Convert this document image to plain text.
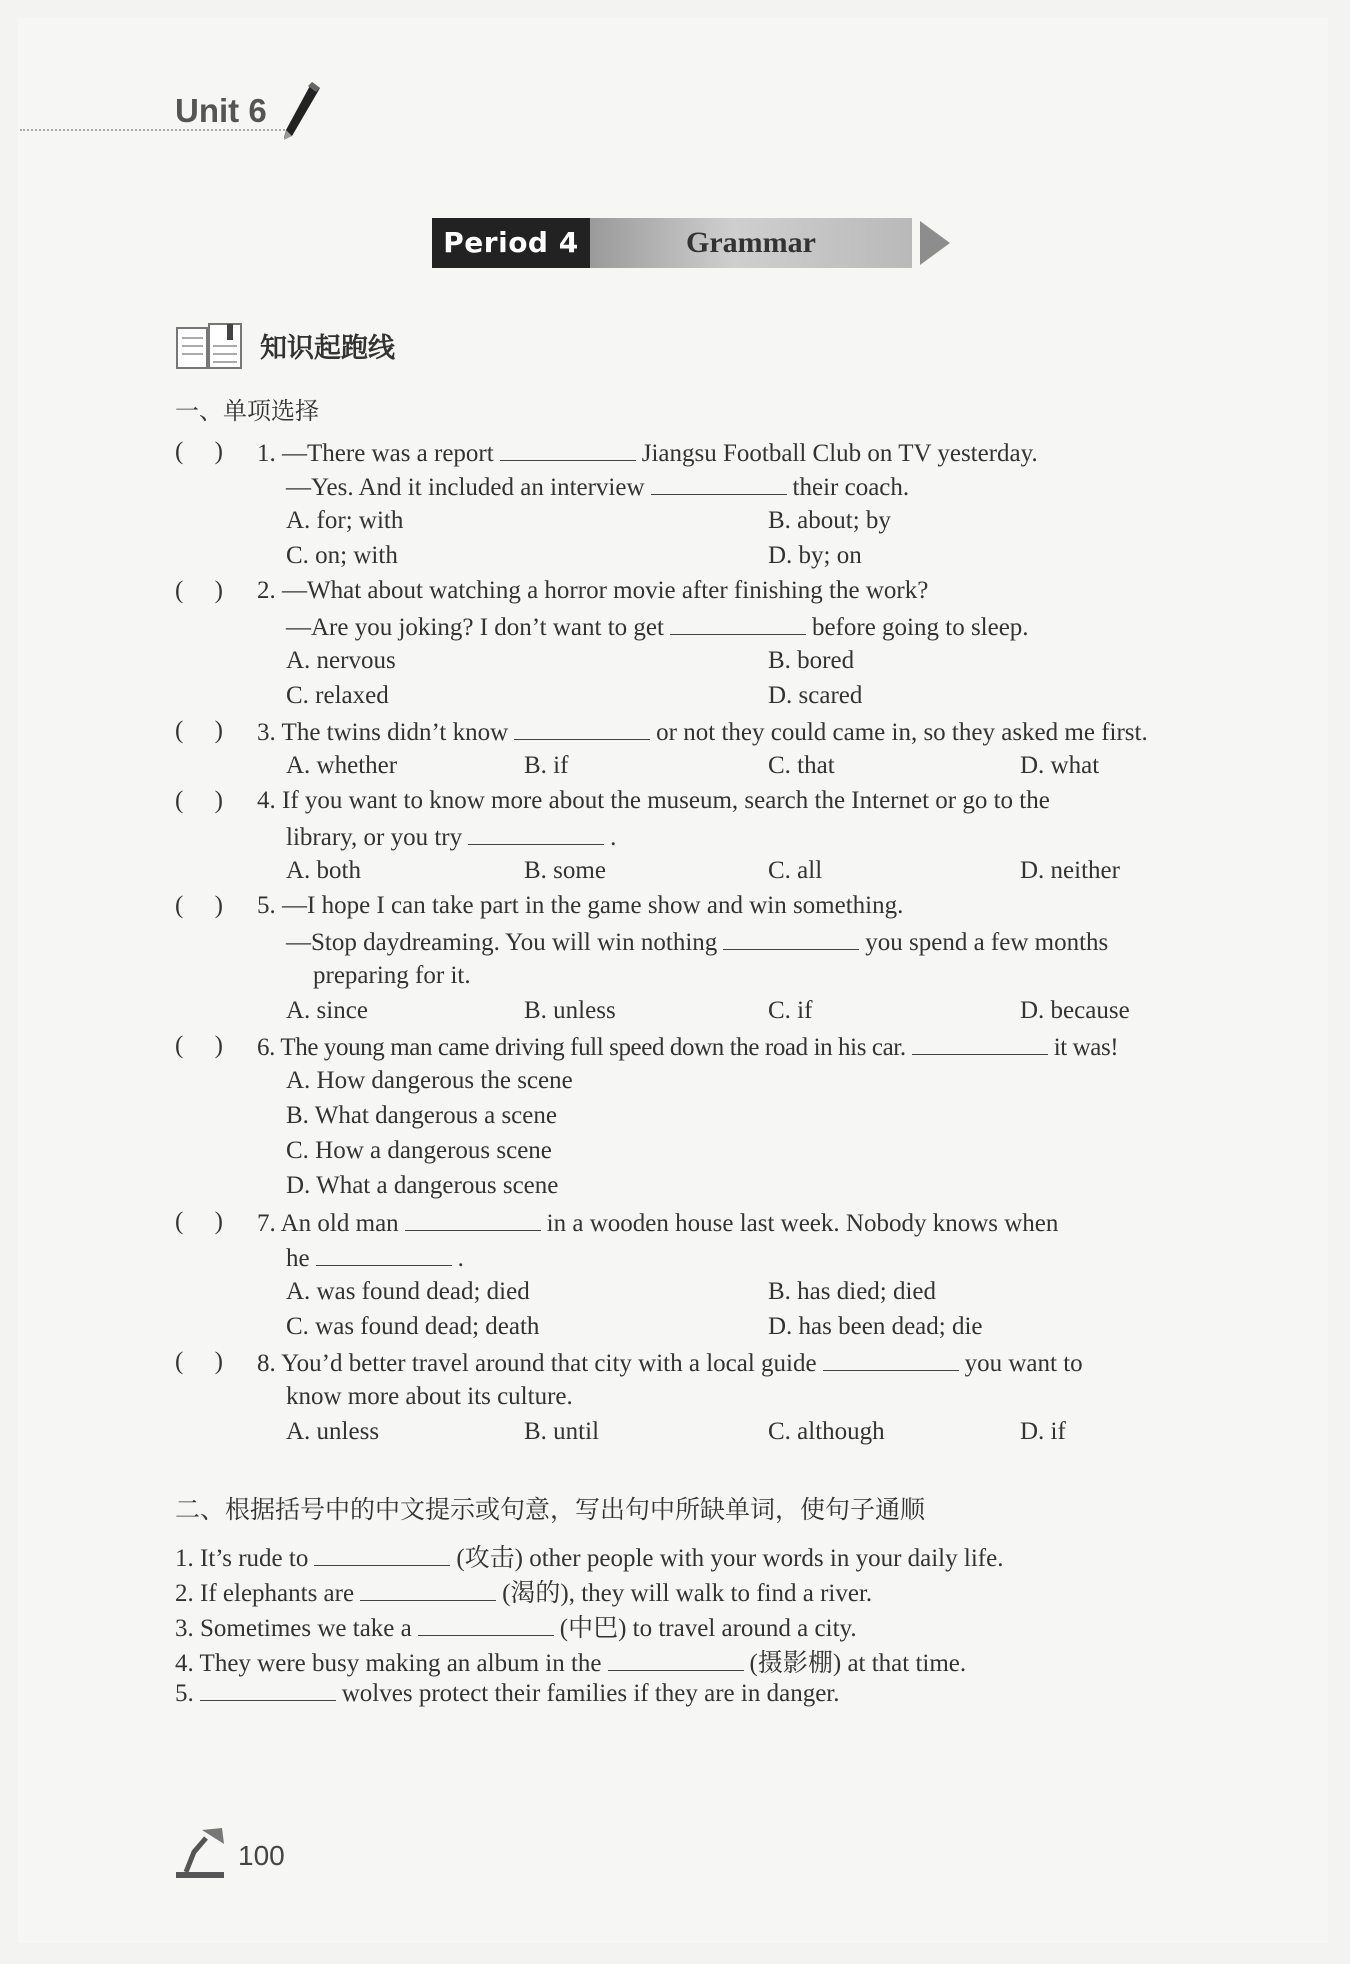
Unit 6
Period 4	Grammar
知识起跑线
一、单项选择
(     ) 1. —There was a report	Jiangsu Football Club on TV yesterday.
—Yes. And it included an interview	their coach.
A. for; with	B. about; by
C. on; with	D. by; on
(     ) 2. —What about watching a horror movie after finishing the work?
—Are you joking? I don’t want to get	before going to sleep.
A. nervous	B. bored
C. relaxed	D. scared
(     ) 3. The twins didn’t know	or not they could came in, so they asked me first.
A. whether	B. if	C. that	D. what
(     ) 4. If you want to know more about the museum, search the Internet or go to the
library, or you try	.
A. both	B. some	C. all	D. neither
(     ) 5. —I hope I can take part in the game show and win something.
—Stop daydreaming. You will win nothing	you spend a few months
preparing for it.
A. since	B. unless	C. if	D. because
(     ) 6. The young man came driving full speed down the road in his car.	it was!
A. How dangerous the scene
B. What dangerous a scene
C. How a dangerous scene
D. What a dangerous scene
(     ) 7. An old man	in a wooden house last week. Nobody knows when
he	.
A. was found dead; died	B. has died; died
C. was found dead; death	D. has been dead; die
(     ) 8. You’d better travel around that city with a local guide	you want to
know more about its culture.
A. unless	B. until	C. although	D. if
二、根据括号中的中文提示或句意，写出句中所缺单词，使句子通顺
1. It’s rude to	(攻击) other people with your words in your daily life.
2. If elephants are	(渴的), they will walk to find a river.
3. Sometimes we take a	(中巴) to travel around a city.
4. They were busy making an album in the	(摄影棚) at that time.
5.	wolves protect their families if they are in danger.
100
